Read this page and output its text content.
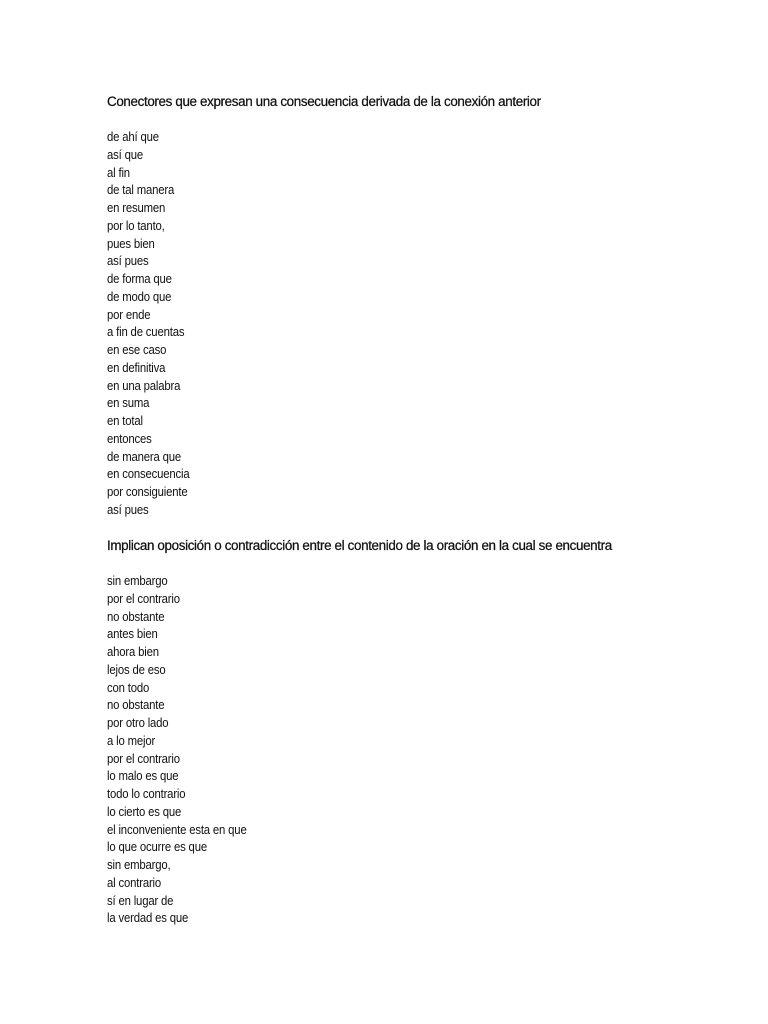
Conectores que expresan una consecuencia derivada de la conexión anterior
de ahí que
así que
al fin
de tal manera
en resumen
por lo tanto,
pues bien
así pues
de forma que
de modo que
por ende
a fin de cuentas
en ese caso
en definitiva
en una palabra
en suma
en total
entonces
de manera que
en consecuencia
por consiguiente
así pues
Implican oposición o contradicción entre el contenido de la oración en la cual se encuentra
sin embargo
por el contrario
no obstante
antes bien
ahora bien
lejos de eso
con todo
no obstante
por otro lado
a lo mejor
por el contrario
lo malo es que
todo lo contrario
lo cierto es que
el inconveniente esta en que
lo que ocurre es que
sin embargo,
al contrario
sí en lugar de
la verdad es que
